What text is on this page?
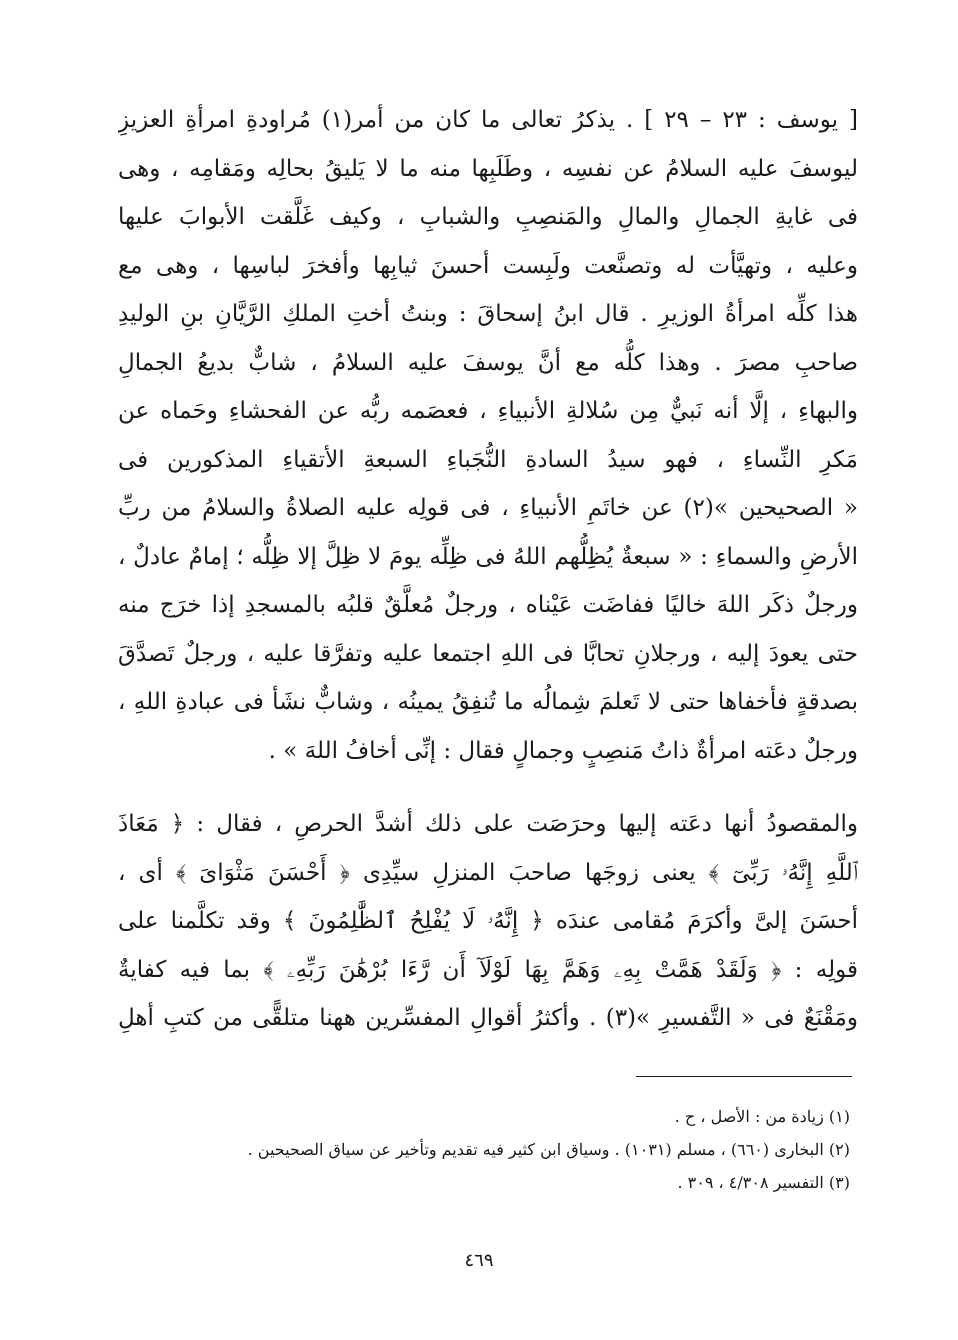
[ يوسف : ٢٣ – ٢٩ ] . يذكرُ تعالى ما كان من أمر(١) مُراودةِ امرأةِ العزيزِ
ليوسفَ عليه السلامُ عن نفسِه ، وطَلَبِها منه ما لا يَليقُ بحالِه ومَقامِه ، وهى
فى غايةِ الجمالِ والمالِ والمَنصِبِ والشبابِ ، وكيف غَلَّقت الأبوابَ عليها
وعليه ، وتهيَّأت له وتصنَّعت ولَبِست أحسنَ ثيابِها وأفخرَ لباسِها ، وهى مع
هذا كلِّه امرأةُ الوزيرِ . قال ابنُ إسحاقَ : وبنتُ أختِ الملكِ الرَّيَّانِ بنِ الوليدِ
صاحبِ مصرَ . وهذا كلُّه مع أنَّ يوسفَ عليه السلامُ ، شابٌّ بديعُ الجمالِ
والبهاءِ ، إلَّا أنه نَبيٌّ مِن سُلالةِ الأنبياءِ ، فعصَمه ربُّه عن الفحشاءِ وحَماه عن
مَكرِ النِّساءِ ، فهو سيدُ السادةِ النُّجَباءِ السبعةِ الأتقياءِ المذكورين فى
« الصحيحين »(٢) عن خاتَمِ الأنبياءِ ، فى قولِه عليه الصلاةُ والسلامُ من ربِّ
الأرضِ والسماءِ : « سبعةٌ يُظِلُّهم اللهُ فى ظِلِّه يومَ لا ظِلَّ إلا ظِلُّه ؛ إمامٌ عادلٌ ،
ورجلٌ ذكَر اللهَ خاليًا ففاضَت عَيْناه ، ورجلٌ مُعلَّقٌ قلبُه بالمسجدِ إذا خرَج منه
حتى يعودَ إليه ، ورجلانِ تحابَّا فى اللهِ اجتمعا عليه وتفرَّقا عليه ، ورجلٌ تَصدَّقَ
بصدقةٍ فأخفاها حتى لا تَعلمَ شِمالُه ما تُنفِقُ يمينُه ، وشابٌّ نشَأ فى عبادةِ اللهِ ،
ورجلٌ دعَته امرأةٌ ذاتُ مَنصِبٍ وجمالٍ فقال : إنِّى أخافُ اللهَ » .
والمقصودُ أنها دعَته إليها وحرَصَت على ذلك أشدَّ الحرصِ ، فقال : ﴿ مَعَاذَ
ٱللَّهِ إِنَّهُۥ رَبِّىٓ ﴾ يعنى زوجَها صاحبَ المنزلِ سيِّدِى ﴿ أَحْسَنَ مَثْوَاىَ ﴾ أى ،
أحسَنَ إلىَّ وأكرَمَ مُقامى عندَه ﴿ إِنَّهُۥ لَا يُفْلِحُ ٱلظَّٰلِمُونَ ﴾ وقد تكلَّمنا على
قولِه : ﴿ وَلَقَدْ هَمَّتْ بِهِۦ وَهَمَّ بِهَا لَوْلَآ أَن رَّءَا بُرْهَٰنَ رَبِّهِۦ ﴾ بما فيه كفايةٌ
ومَقْنَعٌ فى « التَّفسيرِ »(٣) . وأكثرُ أقوالِ المفسِّرين ههنا متلقًّى من كتبِ أهلِ
(١) زيادة من : الأصل ، ح .
(٢) البخارى (٦٦٠) ، مسلم (١٠٣١) . وسياق ابن كثير فيه تقديم وتأخير عن سياق الصحيحين .
(٣) التفسير ٤/٣٠٨ ، ٣٠٩ .
٤٦٩
